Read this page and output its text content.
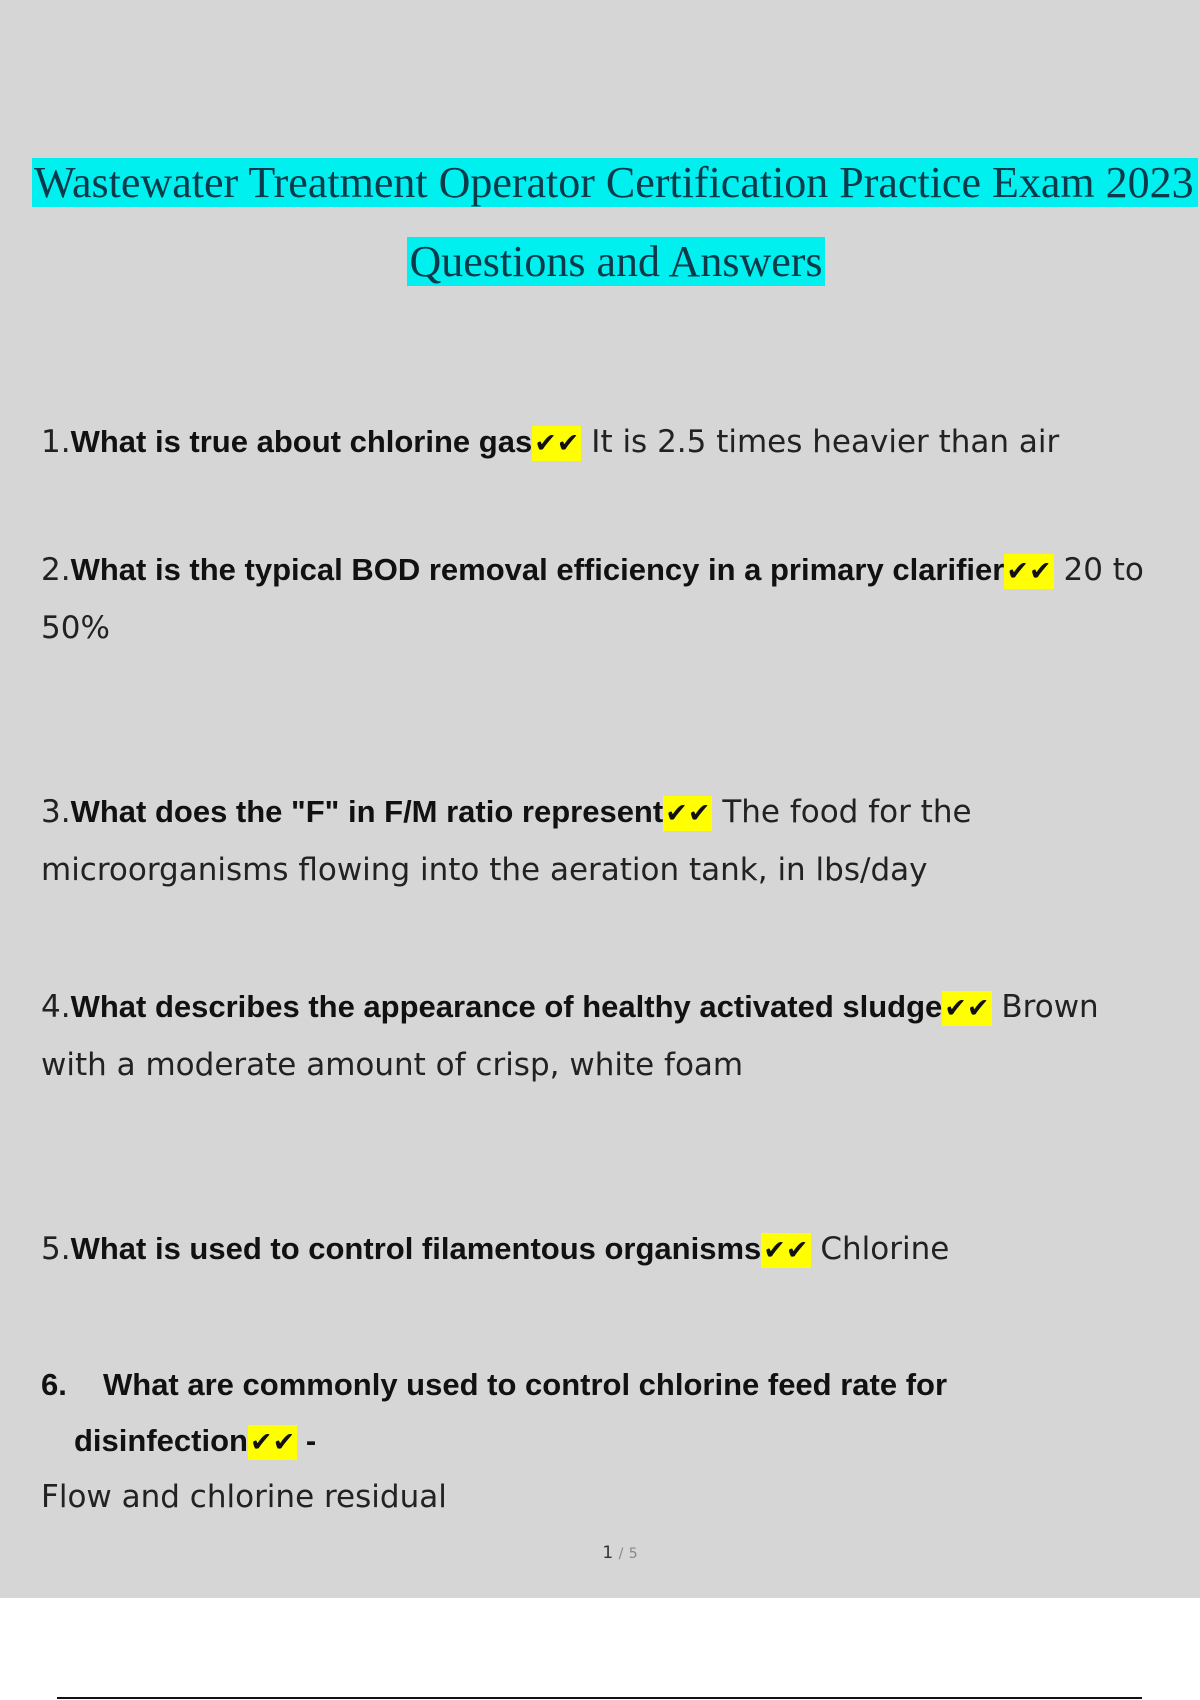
Wastewater Treatment Operator Certification Practice Exam 2023
Questions and Answers
1.What is true about chlorine gas✔✔ It is 2.5 times heavier than air
2.What is the typical BOD removal efficiency in a primary clarifier✔✔ 20 to 50%
3.What does the "F" in F/M ratio represent✔✔ The food for the microorganisms flowing into the aeration tank, in lbs/day
4.What describes the appearance of healthy activated sludge✔✔ Brown with a moderate amount of crisp, white foam
5.What is used to control filamentous organisms✔✔ Chlorine
6. What are commonly used to control chlorine feed rate for
disinfection✔✔ -
Flow and chlorine residual
1 / 5
